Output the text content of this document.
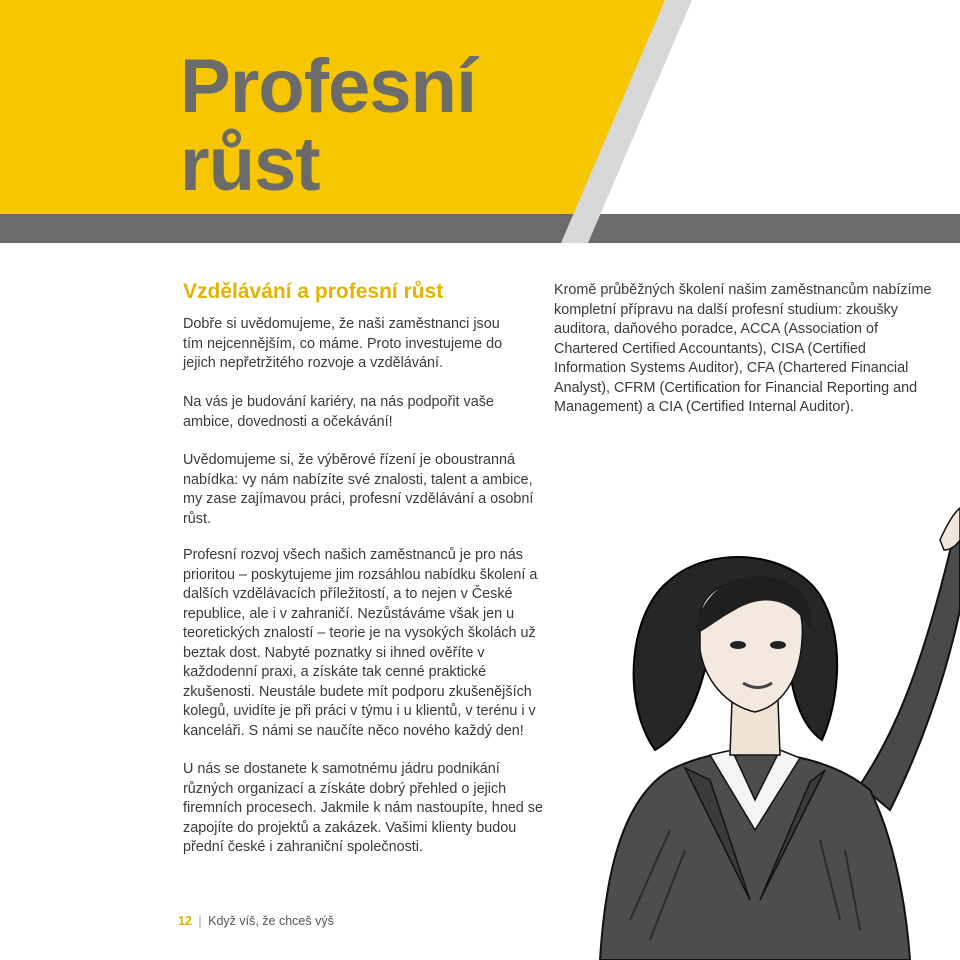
Profesní
růst
Vzdělávání a profesní růst

Dobře si uvědomujeme, že naši zaměstnanci jsou tím nejcennějším, co máme. Proto investujeme do jejich nepřetržitého rozvoje a vzdělávání.

Na vás je budování kariéry, na nás podpořit vaše ambice, dovednosti a očekávání!

Uvědomujeme si, že výběrové řízení je oboustranná nabídka: vy nám nabízíte své znalosti, talent a ambice, my zase zajímavou práci, profesní vzdělávání a osobní růst.

Profesní rozvoj všech našich zaměstnanců je pro nás prioritou – poskytujeme jim rozsáhlou nabídku školení a dalších vzdělávacích příležitostí, a to nejen v České republice, ale i v zahraničí. Nezůstáváme však jen u teoretických znalostí – teorie je na vysokých školách už beztak dost. Nabyté poznatky si ihned ověříte v každodenní praxi, a získáte tak cenné praktické zkušenosti. Neustále budete mít podporu zkušenějších kolegů, uvidíte je při práci v týmu i u klientů, v terénu i v kanceláři. S námi se naučíte něco nového každý den!

U nás se dostanete k samotnému jádru podnikání různých organizací a získáte dobrý přehled o jejich firemních procesech. Jakmile k nám nastoupíte, hned se zapojíte do projektů a zakázek. Vašimi klienty budou přední české i zahraniční společnosti.

Kromě průběžných školení našim zaměstnancům nabízíme kompletní přípravu na další profesní studium: zkoušky auditora, daňového poradce, ACCA (Association of Chartered Certified Accountants), CISA (Certified Information Systems Auditor), CFA (Chartered Financial Analyst), CFRM (Certification for Financial Reporting and Management) a CIA (Certified Internal Auditor).

12 | Když víš, že chceš výš
